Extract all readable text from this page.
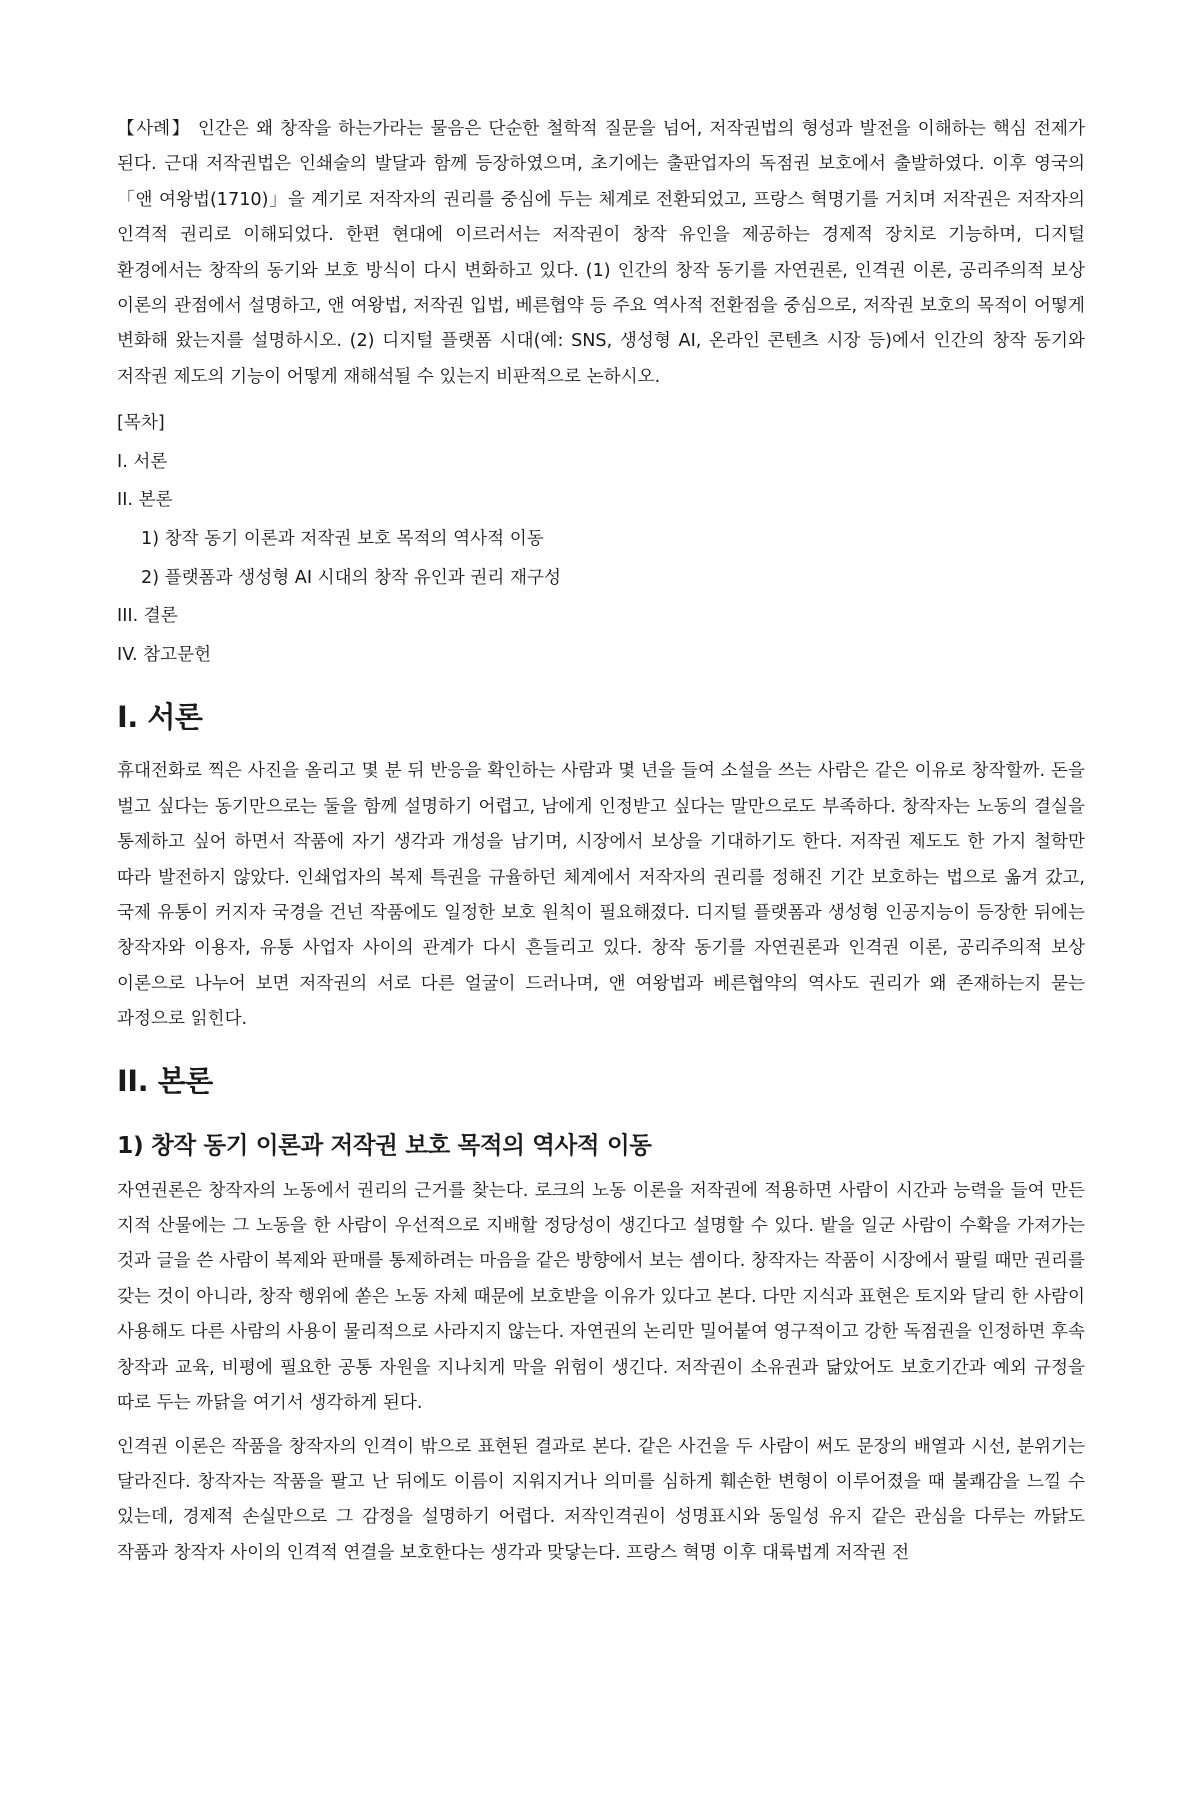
【사례】 인간은 왜 창작을 하는가라는 물음은 단순한 철학적 질문을 넘어, 저작권법의 형성과 발전을 이해하는 핵심 전제가 된다. 근대 저작권법은 인쇄술의 발달과 함께 등장하였으며, 초기에는 출판업자의 독점권 보호에서 출발하였다. 이후 영국의 「앤 여왕법(1710)」을 계기로 저작자의 권리를 중심에 두는 체계로 전환되었고, 프랑스 혁명기를 거치며 저작권은 저작자의 인격적 권리로 이해되었다. 한편 현대에 이르러서는 저작권이 창작 유인을 제공하는 경제적 장치로 기능하며, 디지털 환경에서는 창작의 동기와 보호 방식이 다시 변화하고 있다. (1) 인간의 창작 동기를 자연권론, 인격권 이론, 공리주의적 보상 이론의 관점에서 설명하고, 앤 여왕법, 저작권 입법, 베른협약 등 주요 역사적 전환점을 중심으로, 저작권 보호의 목적이 어떻게 변화해 왔는지를 설명하시오. (2) 디지털 플랫폼 시대(예: SNS, 생성형 AI, 온라인 콘텐츠 시장 등)에서 인간의 창작 동기와 저작권 제도의 기능이 어떻게 재해석될 수 있는지 비판적으로 논하시오.

[목차]

I. 서론
II. 본론
1) 창작 동기 이론과 저작권 보호 목적의 역사적 이동
2) 플랫폼과 생성형 AI 시대의 창작 유인과 권리 재구성
III. 결론
IV. 참고문헌
I. 서론

휴대전화로 찍은 사진을 올리고 몇 분 뒤 반응을 확인하는 사람과 몇 년을 들여 소설을 쓰는 사람은 같은 이유로 창작할까. 돈을 벌고 싶다는 동기만으로는 둘을 함께 설명하기 어렵고, 남에게 인정받고 싶다는 말만으로도 부족하다. 창작자는 노동의 결실을 통제하고 싶어 하면서 작품에 자기 생각과 개성을 남기며, 시장에서 보상을 기대하기도 한다. 저작권 제도도 한 가지 철학만 따라 발전하지 않았다. 인쇄업자의 복제 특권을 규율하던 체계에서 저작자의 권리를 정해진 기간 보호하는 법으로 옮겨 갔고, 국제 유통이 커지자 국경을 건넌 작품에도 일정한 보호 원칙이 필요해졌다. 디지털 플랫폼과 생성형 인공지능이 등장한 뒤에는 창작자와 이용자, 유통 사업자 사이의 관계가 다시 흔들리고 있다. 창작 동기를 자연권론과 인격권 이론, 공리주의적 보상 이론으로 나누어 보면 저작권의 서로 다른 얼굴이 드러나며, 앤 여왕법과 베른협약의 역사도 권리가 왜 존재하는지 묻는 과정으로 읽힌다.

II. 본론
1) 창작 동기 이론과 저작권 보호 목적의 역사적 이동

자연권론은 창작자의 노동에서 권리의 근거를 찾는다. 로크의 노동 이론을 저작권에 적용하면 사람이 시간과 능력을 들여 만든 지적 산물에는 그 노동을 한 사람이 우선적으로 지배할 정당성이 생긴다고 설명할 수 있다. 밭을 일군 사람이 수확을 가져가는 것과 글을 쓴 사람이 복제와 판매를 통제하려는 마음을 같은 방향에서 보는 셈이다. 창작자는 작품이 시장에서 팔릴 때만 권리를 갖는 것이 아니라, 창작 행위에 쏟은 노동 자체 때문에 보호받을 이유가 있다고 본다. 다만 지식과 표현은 토지와 달리 한 사람이 사용해도 다른 사람의 사용이 물리적으로 사라지지 않는다. 자연권의 논리만 밀어붙여 영구적이고 강한 독점권을 인정하면 후속 창작과 교육, 비평에 필요한 공통 자원을 지나치게 막을 위험이 생긴다. 저작권이 소유권과 닮았어도 보호기간과 예외 규정을 따로 두는 까닭을 여기서 생각하게 된다.

인격권 이론은 작품을 창작자의 인격이 밖으로 표현된 결과로 본다. 같은 사건을 두 사람이 써도 문장의 배열과 시선, 분위기는 달라진다. 창작자는 작품을 팔고 난 뒤에도 이름이 지워지거나 의미를 심하게 훼손한 변형이 이루어졌을 때 불쾌감을 느낄 수 있는데, 경제적 손실만으로 그 감정을 설명하기 어렵다. 저작인격권이 성명표시와 동일성 유지 같은 관심을 다루는 까닭도 작품과 창작자 사이의 인격적 연결을 보호한다는 생각과 맞닿는다. 프랑스 혁명 이후 대륙법계 저작권 전
